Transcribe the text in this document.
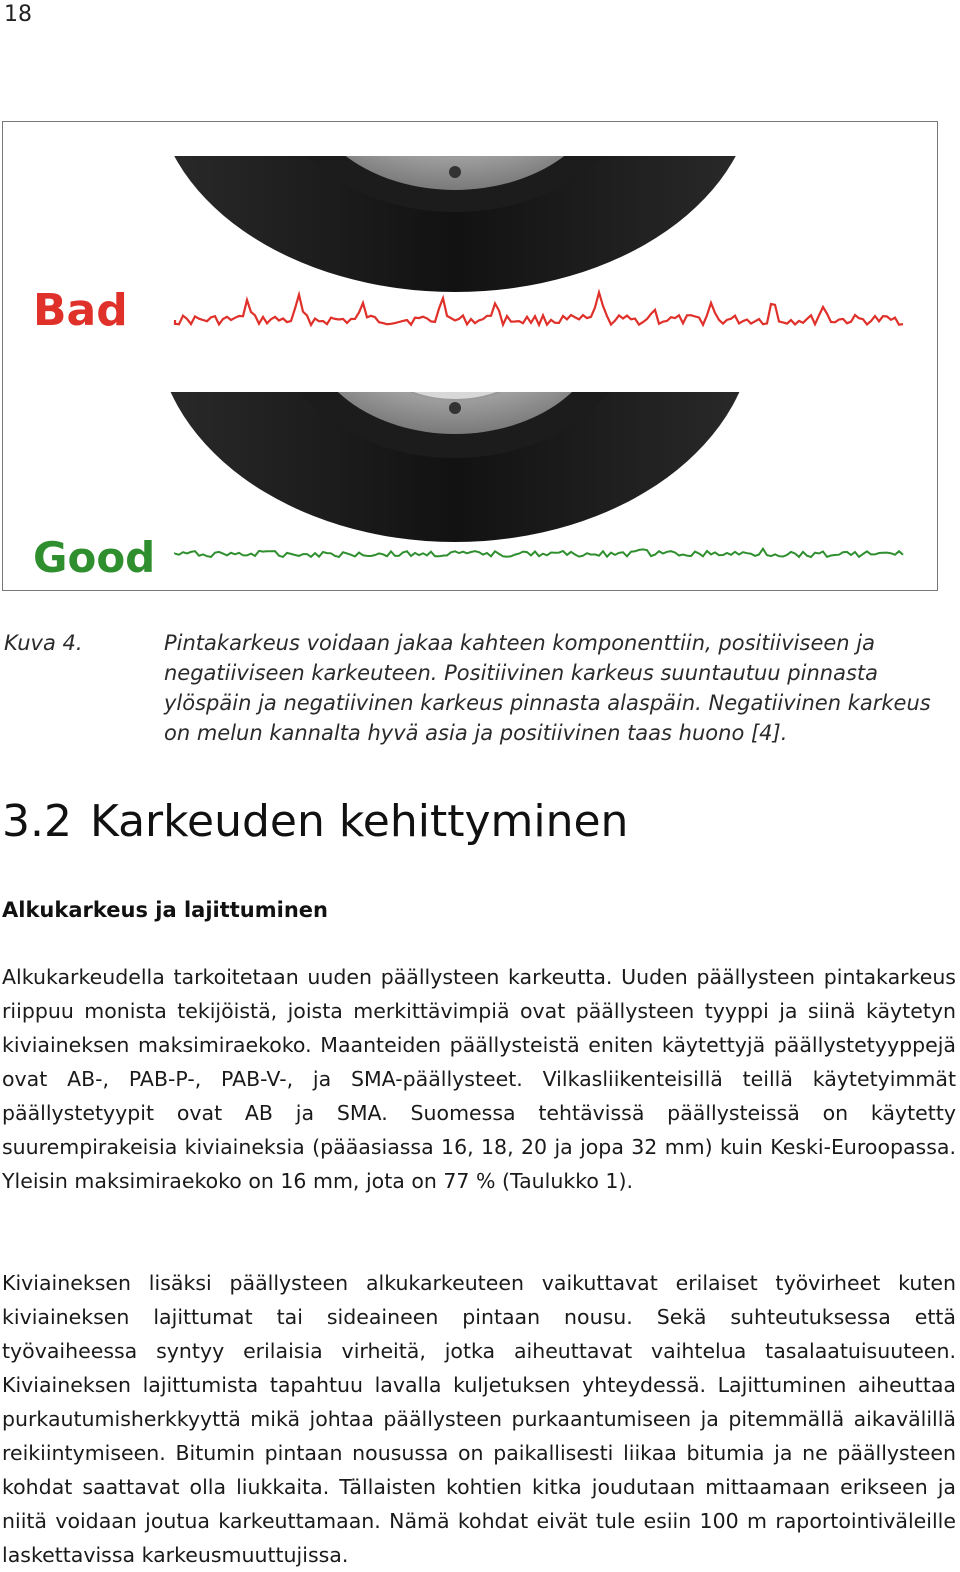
18
Bad
Good
Kuva 4.	Pintakarkeus voidaan jakaa kahteen komponenttiin, positiiviseen ja negatiiviseen karkeuteen. Positiivinen karkeus suuntautuu pinnasta ylöspäin ja negatiivinen karkeus pinnasta alaspäin. Negatiivinen karkeus on melun kannalta hyvä asia ja positiivinen taas huono [4].
3.2 Karkeuden kehittyminen
Alkukarkeus ja lajittuminen

Alkukarkeudella tarkoitetaan uuden päällysteen karkeutta. Uuden päällysteen pintakarkeus riippuu monista tekijöistä, joista merkittävimpiä ovat päällysteen tyyppi ja siinä käytetyn kiviaineksen maksimiraekoko. Maanteiden päällysteistä eniten käytettyjä päällystetyyppejä ovat AB-, PAB-P-, PAB-V-, ja SMA-päällysteet. Vilkasliikenteisillä teillä käytetyimmät päällystetyypit ovat AB ja SMA. Suomessa tehtävissä päällysteissä on käytetty suurempirakeisia kiviaineksia (pääasiassa 16, 18, 20 ja jopa 32 mm) kuin Keski-Euroopassa. Yleisin maksimiraekoko on 16 mm, jota on 77 % (Taulukko 1).

Kiviaineksen lisäksi päällysteen alkukarkeuteen vaikuttavat erilaiset työvirheet kuten kiviaineksen lajittumat tai sideaineen pintaan nousu. Sekä suhteutuksessa että työvaiheessa syntyy erilaisia virheitä, jotka aiheuttavat vaihtelua tasalaatuisuuteen. Kiviaineksen lajittumista tapahtuu lavalla kuljetuksen yhteydessä. Lajittuminen aiheuttaa purkautumisherkkyyttä mikä johtaa päällysteen purkaantumiseen ja pitemmällä aikavälillä reikiintymiseen. Bitumin pintaan nousussa on paikallisesti liikaa bitumia ja ne päällysteen kohdat saattavat olla liukkaita. Tällaisten kohtien kitka joudutaan mittaamaan erikseen ja niitä voidaan joutua karkeuttamaan. Nämä kohdat eivät tule esiin 100 m raportointiväleille laskettavissa karkeusmuuttujissa.
